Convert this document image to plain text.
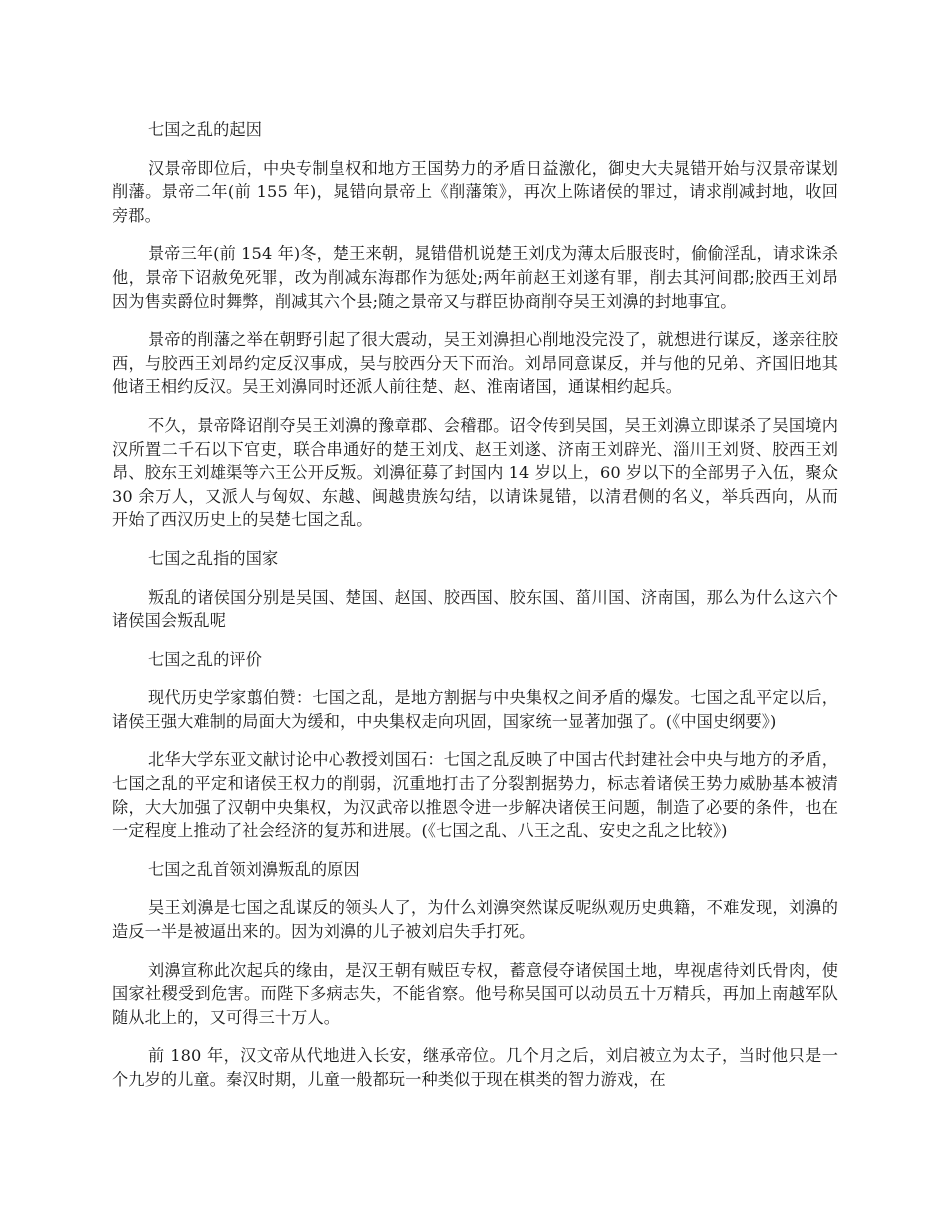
七国之乱的起因

汉景帝即位后，中央专制皇权和地方王国势力的矛盾日益激化，御史大夫晁错开始与汉景帝谋划削藩。景帝二年(前 155 年)，晁错向景帝上《削藩策》，再次上陈诸侯的罪过，请求削减封地，收回旁郡。

景帝三年(前 154 年)冬，楚王来朝，晁错借机说楚王刘戊为薄太后服丧时，偷偷淫乱，请求诛杀他，景帝下诏赦免死罪，改为削减东海郡作为惩处;两年前赵王刘遂有罪，削去其河间郡;胶西王刘昂因为售卖爵位时舞弊，削减其六个县;随之景帝又与群臣协商削夺吴王刘濞的封地事宜。

景帝的削藩之举在朝野引起了很大震动，吴王刘濞担心削地没完没了，就想进行谋反，遂亲往胶西，与胶西王刘昂约定反汉事成，吴与胶西分天下而治。刘昂同意谋反，并与他的兄弟、齐国旧地其他诸王相约反汉。吴王刘濞同时还派人前往楚、赵、淮南诸国，通谋相约起兵。

不久，景帝降诏削夺吴王刘濞的豫章郡、会稽郡。诏令传到吴国，吴王刘濞立即谋杀了吴国境内汉所置二千石以下官吏，联合串通好的楚王刘戊、赵王刘遂、济南王刘辟光、淄川王刘贤、胶西王刘昂、胶东王刘雄渠等六王公开反叛。刘濞征募了封国内 14 岁以上，60 岁以下的全部男子入伍，聚众 30 余万人，又派人与匈奴、东越、闽越贵族勾结，以请诛晁错，以清君侧的名义，举兵西向，从而开始了西汉历史上的吴楚七国之乱。

七国之乱指的国家

叛乱的诸侯国分别是吴国、楚国、赵国、胶西国、胶东国、菑川国、济南国，那么为什么这六个诸侯国会叛乱呢

七国之乱的评价

现代历史学家翦伯赞：七国之乱，是地方割据与中央集权之间矛盾的爆发。七国之乱平定以后，诸侯王强大难制的局面大为缓和，中央集权走向巩固，国家统一显著加强了。(《中国史纲要》)

北华大学东亚文献讨论中心教授刘国石：七国之乱反映了中国古代封建社会中央与地方的矛盾，七国之乱的平定和诸侯王权力的削弱，沉重地打击了分裂割据势力，标志着诸侯王势力威胁基本被清除，大大加强了汉朝中央集权，为汉武帝以推恩令进一步解决诸侯王问题，制造了必要的条件，也在一定程度上推动了社会经济的复苏和进展。(《七国之乱、八王之乱、安史之乱之比较》)

七国之乱首领刘濞叛乱的原因

吴王刘濞是七国之乱谋反的领头人了，为什么刘濞突然谋反呢纵观历史典籍，不难发现，刘濞的造反一半是被逼出来的。因为刘濞的儿子被刘启失手打死。

刘濞宣称此次起兵的缘由，是汉王朝有贼臣专权，蓄意侵夺诸侯国土地，卑视虐待刘氏骨肉，使国家社稷受到危害。而陛下多病志失，不能省察。他号称吴国可以动员五十万精兵，再加上南越军队随从北上的，又可得三十万人。

前 180 年，汉文帝从代地进入长安，继承帝位。几个月之后，刘启被立为太子，当时他只是一个九岁的儿童。秦汉时期，儿童一般都玩一种类似于现在棋类的智力游戏，在
